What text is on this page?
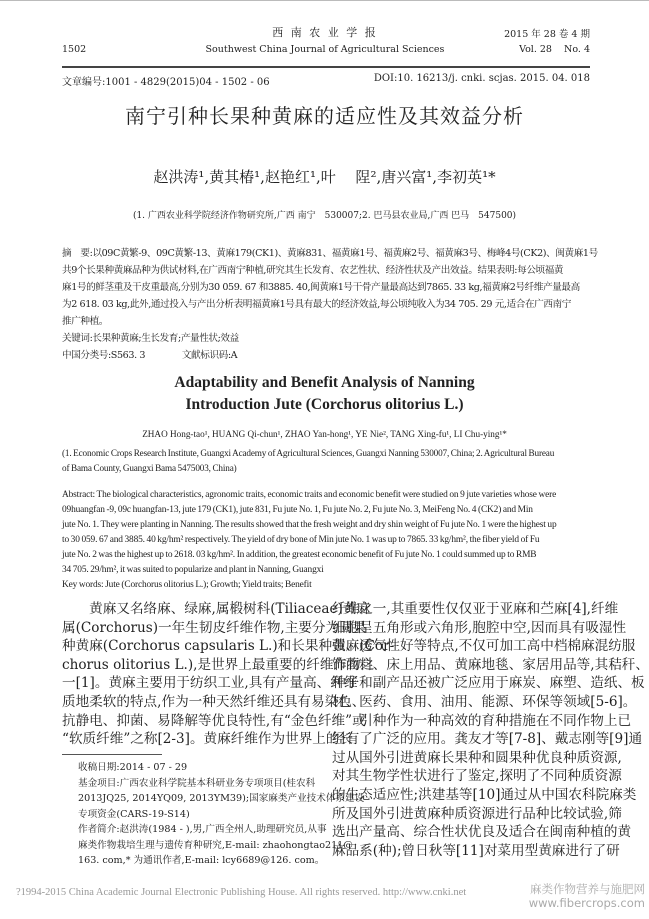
西 南 农 业 学 报
Southwest China Journal of Agricultural Sciences
1502
2015 年 28 卷 4 期
Vol. 28    No. 4
文章编号:1001 - 4829(2015)04 - 1502 - 06	DOI:10. 16213/j. cnki. scjas. 2015. 04. 018
南宁引种长果种黄麻的适应性及其效益分析
赵洪涛¹,黄其椿¹,赵艳红¹,叶　 陧²,唐兴富¹,李初英¹*
(1. 广西农业科学院经济作物研究所,广西 南宁　530007;2. 巴马县农业局,广西 巴马　547500)
摘　要:以09C黄繁-9、09C黄繁-13、黄麻179(CK1)、黄麻831、福黄麻1号、福黄麻2号、福黄麻3号、梅峰4号(CK2)、闽黄麻1号
共9个长果种黄麻品种为供试材料,在广西南宁种植,研究其生长发育、农艺性状、经济性状及产出效益。结果表明:每公顷福黄
麻1号的鲜茎重及干皮重最高,分别为30 059. 67 和3885. 40,闽黄麻1号干骨产量最高达到7865. 33 kg,福黄麻2号纤维产量最高
为2 618. 03 kg,此外,通过投入与产出分析表明福黄麻1号具有最大的经济效益,每公顷纯收入为34 705. 29 元,适合在广西南宁
推广种植。
关键词:长果种黄麻;生长发育;产量性状;效益
中国分类号:S563. 3　　　　文献标识码:A
Adaptability and Benefit Analysis of Nanning
Introduction Jute (Corchorus olitorius L.)
ZHAO Hong-tao¹, HUANG Qi-chun¹, ZHAO Yan-hong¹, YE Nie², TANG Xing-fu¹, LI Chu-ying¹*
(1. Economic Crops Research Institute, Guangxi Academy of Agricultural Sciences, Guangxi Nanning 530007, China; 2. Agricultural Bureau
of Bama County, Guangxi Bama 5475003, China)
Abstract: The biological characteristics, agronomic traits, economic traits and economic benefit were studied on 9 jute varieties whose were
09huangfan -9, 09c huangfan-13, jute 179 (CK1), jute 831, Fu jute No. 1, Fu jute No. 2, Fu jute No. 3, MeiFeng No. 4 (CK2) and Min
jute No. 1. They were planting in Nanning. The results showed that the fresh weight and dry shin weight of Fu jute No. 1 were the highest up
to 30 059. 67 and 3885. 40 kg/hm² respectively. The yield of dry bone of Min jute No. 1 was up to 7865. 33 kg/hm², the fiber yield of Fu
jute No. 2 was the highest up to 2618. 03 kg/hm². In addition, the greatest economic benefit of Fu jute No. 1 could summed up to RMB
34 705. 29/hm², it was suited to popularize and plant in Nanning, Guangxi
Key words: Jute (Corchorus olitorius L.); Growth; Yield traits; Benefit
　　黄麻又名络麻、绿麻,属椴树科(Tiliaceae)黄麻
属(Corchorus)一年生韧皮纤维作物,主要分为圆果
种黄麻(Corchorus capsularis L.)和长果种黄麻(Cor-
chorus olitorius L.),是世界上最重要的纤维作物之
一[1]。黄麻主要用于纺织工业,具有产量高、纤维
质地柔软的特点,作为一种天然纤维还具有易染色、
抗静电、抑菌、易降解等优良特性,有“金色纤维”或
“软质纤维”之称[2-3]。黄麻纤维作为世界上的长
纤维之一,其重要性仅仅亚于亚麻和苎麻[4],纤维
细胞呈五角形或六角形,胞腔中空,因而具有吸湿性
强、透气性好等特点,不仅可加工高中档棉麻混纺服
饰面料、床上用品、黄麻地毯、家居用品等,其秸秆、
种子和副产品还被广泛应用于麻炭、麻塑、造纸、板
材、医药、食用、油用、能源、环保等领域[5-6]。
　　引种作为一种高效的育种措施在不同作物上已
经有了广泛的应用。龚友才等[7-8]、戴志刚等[9]通
过从国外引进黄麻长果种和圆果种优良种质资源,
对其生物学性状进行了鉴定,探明了不同种质资源
的生态适应性;洪建基等[10]通过从中国农科院麻类
所及国外引进黄麻种质资源进行品种比较试验,筛
选出产量高、综合性状优良及适合在闽南种植的黄
麻品系(种);曾日秋等[11]对菜用型黄麻进行了研
收稿日期:2014 - 07 - 29
基金项目:广西农业科学院基本科研业务专项项目(桂农科
2013JQ25, 2014YQ09, 2013YM39);国家麻类产业技术体系建设
专项资金(CARS-19-S14)
作者简介:赵洪涛(1984 - ),男,广西全州人,助理研究员,从事
麻类作物栽培生理与遗传育种研究,E-mail: zhaohongtao211@
163. com,* 为通讯作者,E-mail: lcy6689@126. com。
?1994-2015 China Academic Journal Electronic Publishing House. All rights reserved. http://www.cnki.net	麻类作物营养与施肥网
www.fibercrops.com
